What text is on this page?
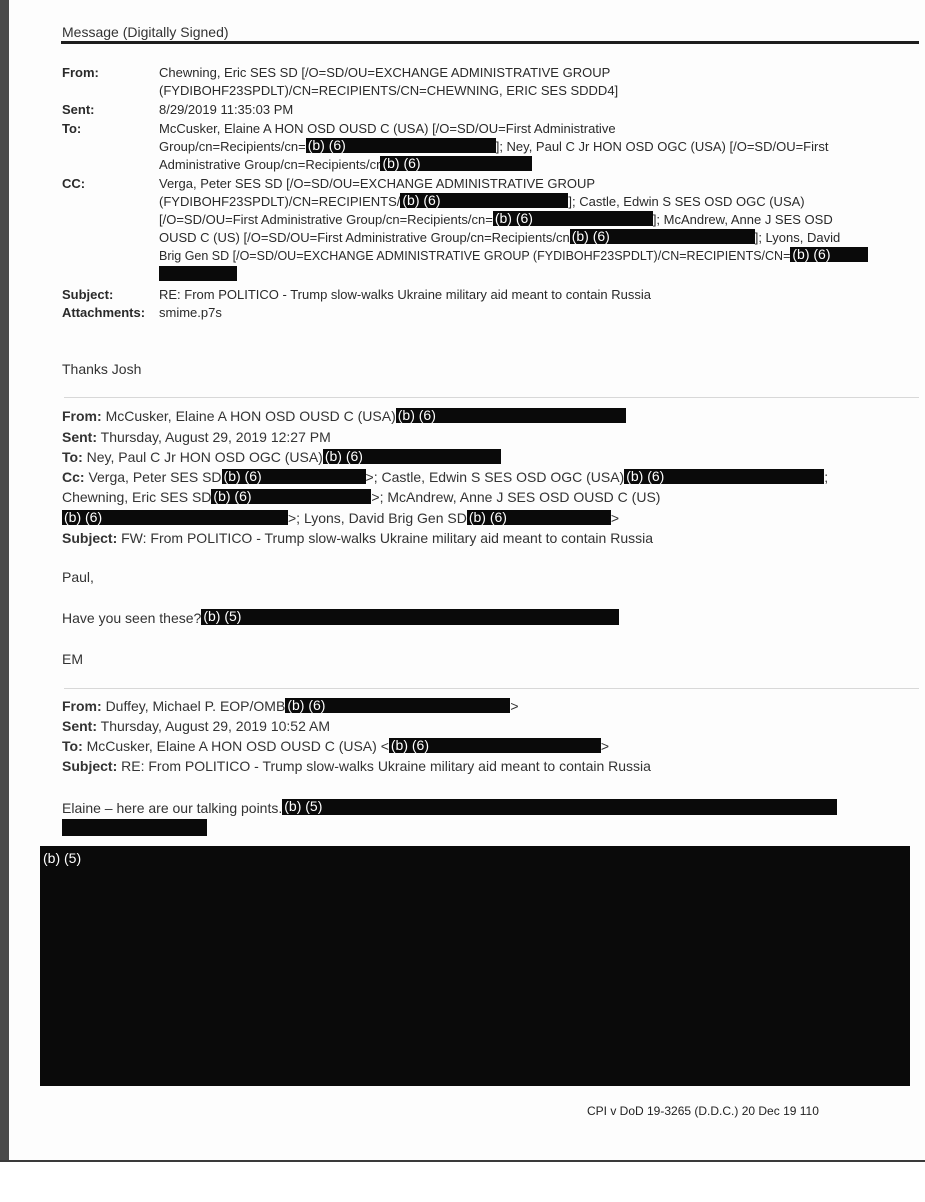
Message (Digitally Signed)
From:	Chewning, Eric SES SD [/O=SD/OU=EXCHANGE ADMINISTRATIVE GROUP
(FYDIBOHF23SPDLT)/CN=RECIPIENTS/CN=CHEWNING, ERIC SES SDDD4]
Sent:	8/29/2019 11:35:03 PM
To:	McCusker, Elaine A HON OSD OUSD C (USA) [/O=SD/OU=First Administrative
Group/cn=Recipients/cn= (b) (6)	]; Ney, Paul C Jr HON OSD OGC (USA) [/O=SD/OU=First
Administrative Group/cn=Recipients/cr (b) (6)
CC:	Verga, Peter SES SD [/O=SD/OU=EXCHANGE ADMINISTRATIVE GROUP
(FYDIBOHF23SPDLT)/CN=RECIPIENTS/ (b) (6)	]; Castle, Edwin S SES OSD OGC (USA)
[/O=SD/OU=First Administrative Group/cn=Recipients/cn= (b) (6)	]; McAndrew, Anne J SES OSD
OUSD C (US) [/O=SD/OU=First Administrative Group/cn=Recipients/cn (b) (6)	]; Lyons, David
Brig Gen SD [/O=SD/OU=EXCHANGE ADMINISTRATIVE GROUP (FYDIBOHF23SPDLT)/CN=RECIPIENTS/CN= (b) (6)
Subject:	RE: From POLITICO - Trump slow-walks Ukraine military aid meant to contain Russia
Attachments: smime.p7s
Thanks Josh
From: McCusker, Elaine A HON OSD OUSD C (USA) (b) (6)
Sent: Thursday, August 29, 2019 12:27 PM
To: Ney, Paul C Jr HON OSD OGC (USA) (b) (6)
Cc: Verga, Peter SES SD (b) (6)	>; Castle, Edwin S SES OSD OGC (USA) (b) (6)	;
Chewning, Eric SES SD (b) (6)	>; McAndrew, Anne J SES OSD OUSD C (US)
(b) (6)	>; Lyons, David Brig Gen SD (b) (6)	>
Subject: FW: From POLITICO - Trump slow-walks Ukraine military aid meant to contain Russia
Paul,
Have you seen these? (b) (5)
EM
From: Duffey, Michael P. EOP/OMB (b) (6)	>
Sent: Thursday, August 29, 2019 10:52 AM
To: McCusker, Elaine A HON OSD OUSD C (USA) < (b) (6)	>
Subject: RE: From POLITICO - Trump slow-walks Ukraine military aid meant to contain Russia
Elaine – here are our talking points. (b) (5)
(b) (5)
CPI v DoD 19-3265 (D.D.C.) 20 Dec 19 110
